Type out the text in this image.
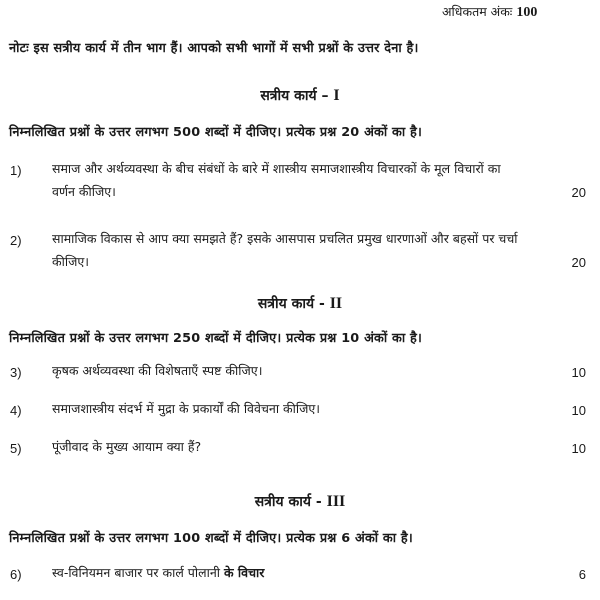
अधिकतम अंकः 100
नोटः इस सत्रीय कार्य में तीन भाग हैं। आपको सभी भागों में सभी प्रश्नों के उत्तर देना है।
सत्रीय कार्य – I
निम्नलिखित प्रश्नों के उत्तर लगभग 500 शब्दों में दीजिए। प्रत्येक प्रश्न 20 अंकों का है।
1) समाज और अर्थव्यवस्था के बीच संबंधों के बारे में शास्त्रीय समाजशास्त्रीय विचारकों के मूल विचारों का वर्णन कीजिए।	20
2) सामाजिक विकास से आप क्या समझते हैं? इसके आसपास प्रचलित प्रमुख धारणाओं और बहसों पर चर्चा कीजिए।	20
सत्रीय कार्य - II
निम्नलिखित प्रश्नों के उत्तर लगभग 250 शब्दों में दीजिए। प्रत्येक प्रश्न 10 अंकों का है।
3) कृषक अर्थव्यवस्था की विशेषताएँ स्पष्ट कीजिए।	10
4) समाजशास्त्रीय संदर्भ में मुद्रा के प्रकार्यों की विवेचना कीजिए।	10
5) पूंजीवाद के मुख्य आयाम क्या हैं?	10
सत्रीय कार्य - III
निम्नलिखित प्रश्नों के उत्तर लगभग 100 शब्दों में दीजिए। प्रत्येक प्रश्न 6 अंकों का है।
6) स्व-विनियमन बाजार पर कार्ल पोलानी के विचार	6
